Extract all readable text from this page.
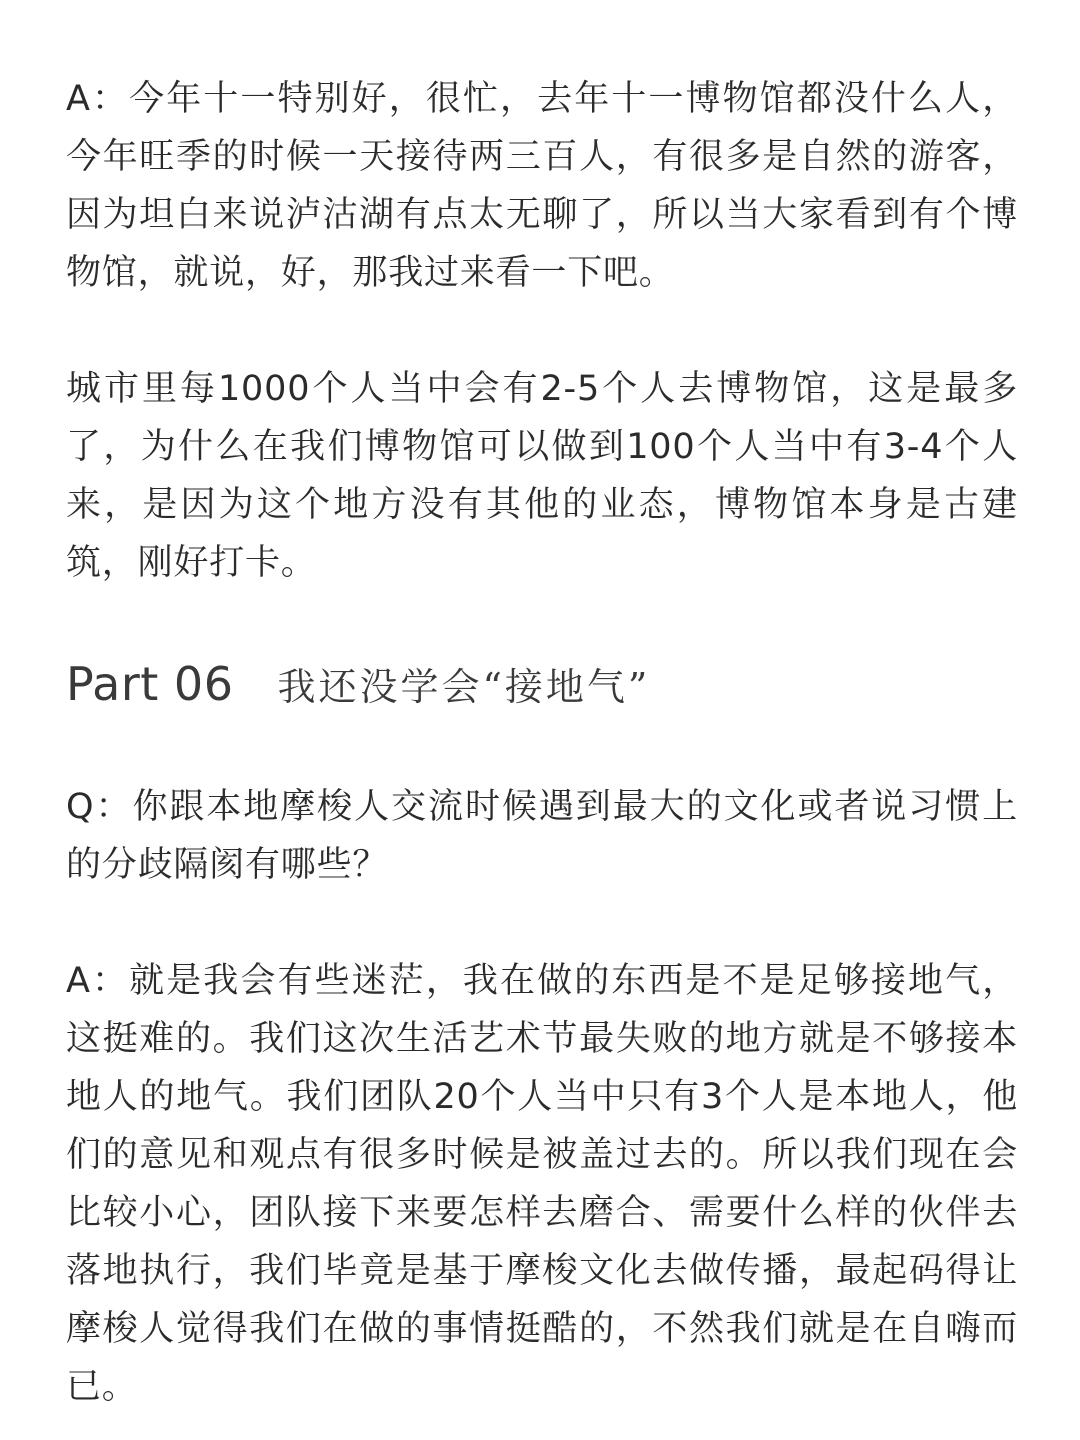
A：今年十一特别好，很忙，去年十一博物馆都没什么人，今年旺季的时候一天接待两三百人，有很多是自然的游客，因为坦白来说泸沽湖有点太无聊了，所以当大家看到有个博物馆，就说，好，那我过来看一下吧。

城市里每1000个人当中会有2-5个人去博物馆，这是最多了，为什么在我们博物馆可以做到100个人当中有3-4个人来，是因为这个地方没有其他的业态，博物馆本身是古建筑，刚好打卡。

Part 06 我还没学会“接地气”

Q：你跟本地摩梭人交流时候遇到最大的文化或者说习惯上的分歧隔阂有哪些？

A：就是我会有些迷茫，我在做的东西是不是足够接地气，这挺难的。我们这次生活艺术节最失败的地方就是不够接本地人的地气。我们团队20个人当中只有3个人是本地人，他们的意见和观点有很多时候是被盖过去的。所以我们现在会比较小心，团队接下来要怎样去磨合、需要什么样的伙伴去落地执行，我们毕竟是基于摩梭文化去做传播，最起码得让摩梭人觉得我们在做的事情挺酷的，不然我们就是在自嗨而已。
